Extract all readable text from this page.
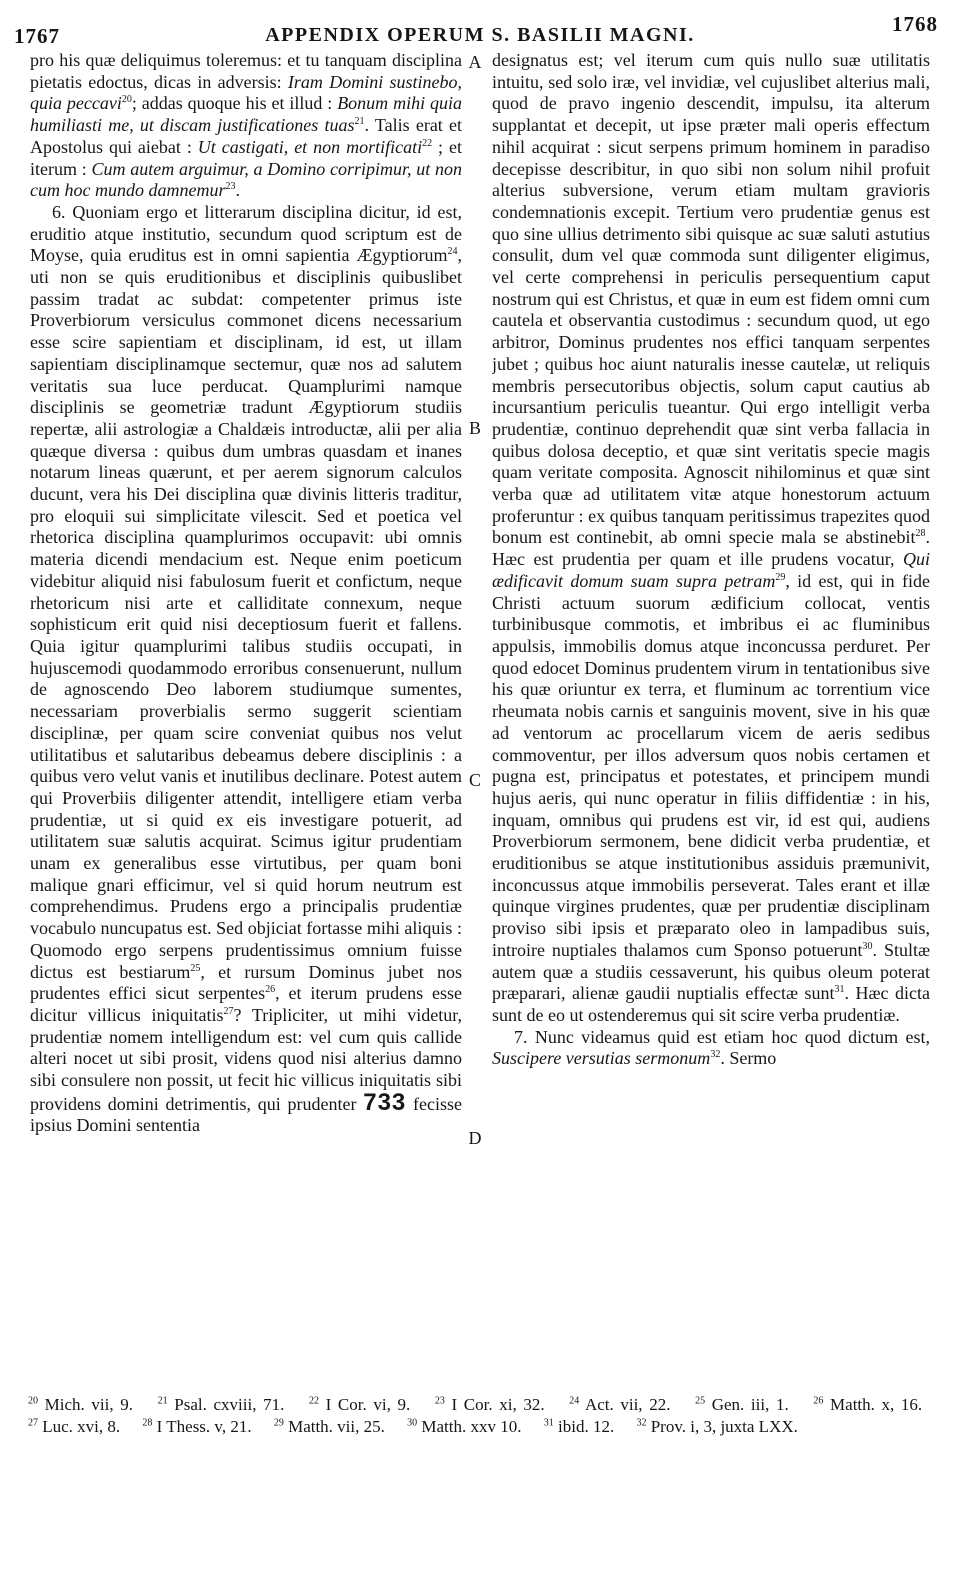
1767	APPENDIX OPERUM S. BASILII MAGNI.	1768
A
B
C
D

pro his quæ deliquimus toleremus: et tu tanquam disciplina pietatis edoctus, dicas in adversis: Iram Domini sustinebo, quia peccavi$^{20}$; addas quoque his et illud : Bonum mihi quia humiliasti me, ut discam justificationes tuas$^{21}$. Talis erat et Apostolus qui aiebat : Ut castigati, et non mortificati$^{22}$ ; et iterum : Cum autem arguimur, a Domino corripimur, ut non cum hoc mundo damnemur$^{23}$.

6. Quoniam ergo et litterarum disciplina dicitur, id est, eruditio atque institutio, secundum quod scriptum est de Moyse, quia eruditus est in omni sapientia Ægyptiorum$^{24}$, uti non se quis eruditionibus et disciplinis quibuslibet passim tradat ac subdat: competenter primus iste Proverbiorum versiculus commonet dicens necessarium esse scire sapientiam et disciplinam, id est, ut illam sapientiam disciplinamque sectemur, quæ nos ad salutem veritatis sua luce perducat. Quamplurimi namque disciplinis se geometriæ tradunt Ægyptiorum studiis repertæ, alii astrologiæ a Chaldæis introductæ, alii per alia quæque diversa : quibus dum umbras quasdam et inanes notarum lineas quærunt, et per aerem signorum calculos ducunt, vera his Dei disciplina quæ divinis litteris traditur, pro eloquii sui simplicitate vilescit. Sed et poetica vel rhetorica disciplina quamplurimos occupavit: ubi omnis materia dicendi mendacium est. Neque enim poeticum videbitur aliquid nisi fabulosum fuerit et confictum, neque rhetoricum nisi arte et calliditate connexum, neque sophisticum erit quid nisi deceptiosum fuerit et fallens. Quia igitur quamplurimi talibus studiis occupati, in hujuscemodi quodammodo erroribus consenuerunt, nullum de agnoscendo Deo laborem studiumque sumentes, necessariam proverbialis sermo suggerit scientiam disciplinæ, per quam scire conveniat quibus nos velut utilitatibus et salutaribus debeamus debere disciplinis : a quibus vero velut vanis et inutilibus declinare. Potest autem qui Proverbiis diligenter attendit, intelligere etiam verba prudentiæ, ut si quid ex eis investigare potuerit, ad utilitatem suæ salutis acquirat. Scimus igitur prudentiam unam ex generalibus esse virtutibus, per quam boni malique gnari efficimur, vel si quid horum neutrum est comprehendimus. Prudens ergo a principalis prudentiæ vocabulo nuncupatus est. Sed objiciat fortasse mihi aliquis : Quomodo ergo serpens prudentissimus omnium fuisse dictus est bestiarum$^{25}$, et rursum Dominus jubet nos prudentes effici sicut serpentes$^{26}$, et iterum prudens esse dicitur villicus iniquitatis$^{27}$? Tripliciter, ut mihi videtur, prudentiæ nomem intelligendum est: vel cum quis callide alteri nocet ut sibi prosit, videns quod nisi alterius damno sibi consulere non possit, ut fecit hic villicus iniquitatis sibi providens domini detrimentis, qui prudenter 733 fecisse ipsius Domini sententia

designatus est; vel iterum cum quis nullo suæ utilitatis intuitu, sed solo iræ, vel invidiæ, vel cujuslibet alterius mali, quod de pravo ingenio descendit, impulsu, ita alterum supplantat et decepit, ut ipse præter mali operis effectum nihil acquirat : sicut serpens primum hominem in paradiso decepisse describitur, in quo sibi non solum nihil profuit alterius subversione, verum etiam multam gravioris condemnationis excepit. Tertium vero prudentiæ genus est quo sine ullius detrimento sibi quisque ac suæ saluti astutius consulit, dum vel quæ commoda sunt diligenter eligimus, vel certe comprehensi in periculis persequentium caput nostrum qui est Christus, et quæ in eum est fidem omni cum cautela et observantia custodimus : secundum quod, ut ego arbitror, Dominus prudentes nos effici tanquam serpentes jubet ; quibus hoc aiunt naturalis inesse cautelæ, ut reliquis membris persecutoribus objectis, solum caput cautius ab incursantium periculis tueantur. Qui ergo intelligit verba prudentiæ, continuo deprehendit quæ sint verba fallacia in quibus dolosa deceptio, et quæ sint veritatis specie magis quam veritate composita. Agnoscit nihilominus et quæ sint verba quæ ad utilitatem vitæ atque honestorum actuum proferuntur : ex quibus tanquam peritissimus trapezites quod bonum est continebit, ab omni specie mala se abstinebit$^{28}$. Hæc est prudentia per quam et ille prudens vocatur, Qui ædificavit domum suam supra petram$^{29}$, id est, qui in fide Christi actuum suorum ædificium collocat, ventis turbinibusque commotis, et imbribus ei ac fluminibus appulsis, immobilis domus atque inconcussa perduret. Per quod edocet Dominus prudentem virum in tentationibus sive his quæ oriuntur ex terra, et fluminum ac torrentium vice rheumata nobis carnis et sanguinis movent, sive in his quæ ad ventorum ac procellarum vicem de aeris sedibus commoventur, per illos adversum quos nobis certamen et pugna est, principatus et potestates, et principem mundi hujus aeris, qui nunc operatur in filiis diffidentiæ : in his, inquam, omnibus qui prudens est vir, id est qui, audiens Proverbiorum sermonem, bene didicit verba prudentiæ, et eruditionibus se atque institutionibus assiduis præmunivit, inconcussus atque immobilis perseverat. Tales erant et illæ quinque virgines prudentes, quæ per prudentiæ disciplinam proviso sibi ipsis et præparato oleo in lampadibus suis, introire nuptiales thalamos cum Sponso potuerunt$^{30}$. Stultæ autem quæ a studiis cessaverunt, his quibus oleum poterat præparari, alienæ gaudii nuptialis effectæ sunt$^{31}$. Hæc dicta sunt de eo ut ostenderemus qui sit scire verba prudentiæ.

7. Nunc videamus quid est etiam hoc quod dictum est, Suscipere versutias sermonum$^{32}$. Sermo

$^{20}$ Mich. vii, 9. $^{21}$ Psal. cxviii, 71. $^{22}$ I Cor. vi, 9. $^{23}$ I Cor. xi, 32. $^{24}$ Act. vii, 22. $^{25}$ Gen. iii, 1. $^{26}$ Matth. x, 16. $^{27}$ Luc. xvi, 8. $^{28}$ I Thess. v, 21. $^{29}$ Matth. vii, 25. $^{30}$ Matth. xxv 10. $^{31}$ ibid. 12. $^{32}$ Prov. i, 3, juxta LXX.
